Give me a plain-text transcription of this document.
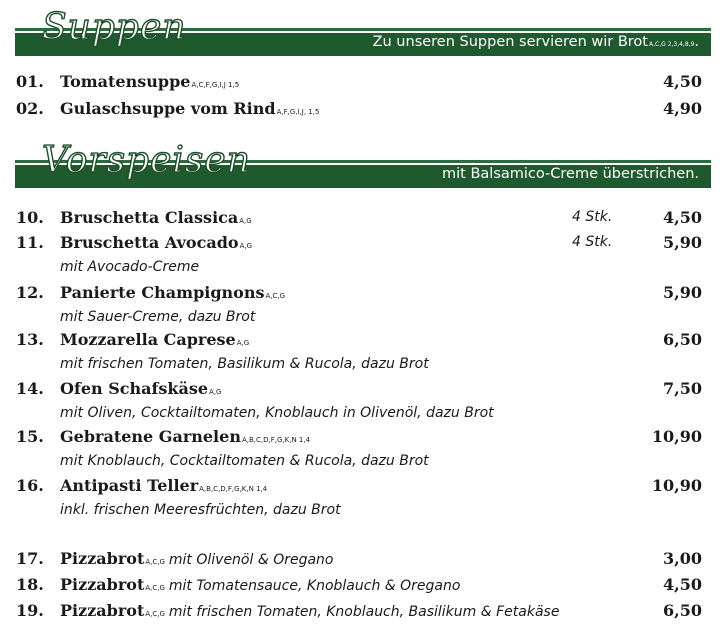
Zu unseren Suppen servieren wir BrotA,C,G 2,3,4,8,9.
Suppen
mit Balsamico-Creme überstrichen.
Vorspeisen
01. TomatensuppeA,C,F,G,I,J 1,5	4,50
02. Gulaschsuppe vom RindA,F,G,I,J, 1,5	4,90
10. Bruschetta ClassicaA,G	4 Stk.	4,50
11. Bruschetta AvocadoA,G	4 Stk.	5,90
mit Avocado-Creme
12. Panierte ChampignonsA,C,G	5,90
mit Sauer-Creme, dazu Brot
13. Mozzarella CapreseA,G	6,50
mit frischen Tomaten, Basilikum & Rucola, dazu Brot
14. Ofen SchafskäseA,G	7,50
mit Oliven, Cocktailtomaten, Knoblauch in Olivenöl, dazu Brot
15. Gebratene GarnelenA,B,C,D,F,G,K,N 1,4	10,90
mit Knoblauch, Cocktailtomaten & Rucola, dazu Brot
16. Antipasti TellerA,B,C,D,F,G,K,N 1,4	10,90
inkl. frischen Meeresfrüchten, dazu Brot
17. PizzabrotA,C,G mit Olivenöl & Oregano	3,00
18. PizzabrotA,C,G mit Tomatensauce, Knoblauch & Oregano	4,50
19. PizzabrotA,C,G mit frischen Tomaten, Knoblauch, Basilikum & Fetakäse	6,50
